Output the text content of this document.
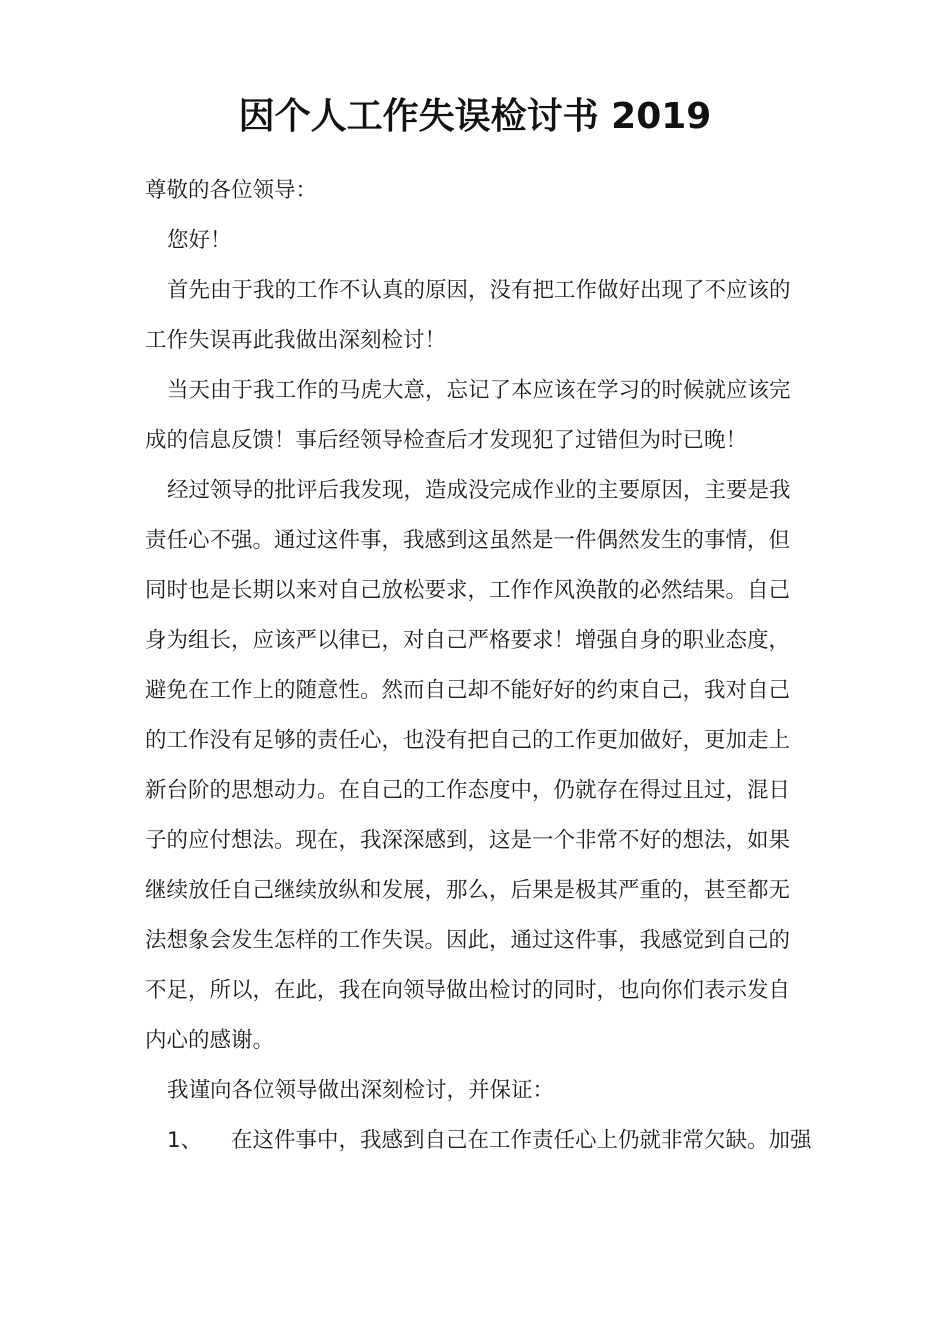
因个人工作失误检讨书 2019
尊敬的各位领导：
您好！
首先由于我的工作不认真的原因，没有把工作做好出现了不应该的
工作失误再此我做出深刻检讨！
当天由于我工作的马虎大意，忘记了本应该在学习的时候就应该完
成的信息反馈！事后经领导检查后才发现犯了过错但为时已晚！
经过领导的批评后我发现，造成没完成作业的主要原因，主要是我
责任心不强。通过这件事，我感到这虽然是一件偶然发生的事情，但
同时也是长期以来对自己放松要求，工作作风涣散的必然结果。自己
身为组长，应该严以律已，对自己严格要求！增强自身的职业态度，
避免在工作上的随意性。然而自己却不能好好的约束自己，我对自己
的工作没有足够的责任心，也没有把自己的工作更加做好，更加走上
新台阶的思想动力。在自己的工作态度中，仍就存在得过且过，混日
子的应付想法。现在，我深深感到，这是一个非常不好的想法，如果
继续放任自己继续放纵和发展，那么，后果是极其严重的，甚至都无
法想象会发生怎样的工作失误。因此，通过这件事，我感觉到自己的
不足，所以，在此，我在向领导做出检讨的同时，也向你们表示发自
内心的感谢。
我谨向各位领导做出深刻检讨，并保证：
1、 在这件事中，我感到自己在工作责任心上仍就非常欠缺。加强
